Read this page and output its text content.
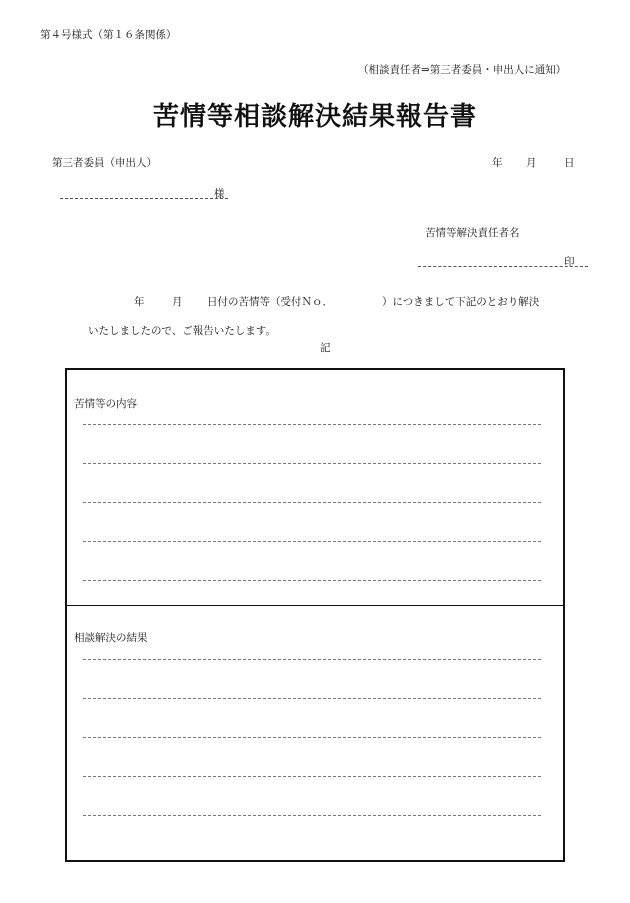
第４号様式（第１６条関係）
（相談責任者⇒第三者委員・申出人に通知）
苦情等相談解決結果報告書
第三者委員（申出人）	年 月	日
様
苦情等解決責任者名
印
年	月 日付の苦情等（受付Ｎｏ．	）につきまして下記のとおり解決
いたしましたので、ご報告いたします。
記
苦情等の内容
相談解決の結果
